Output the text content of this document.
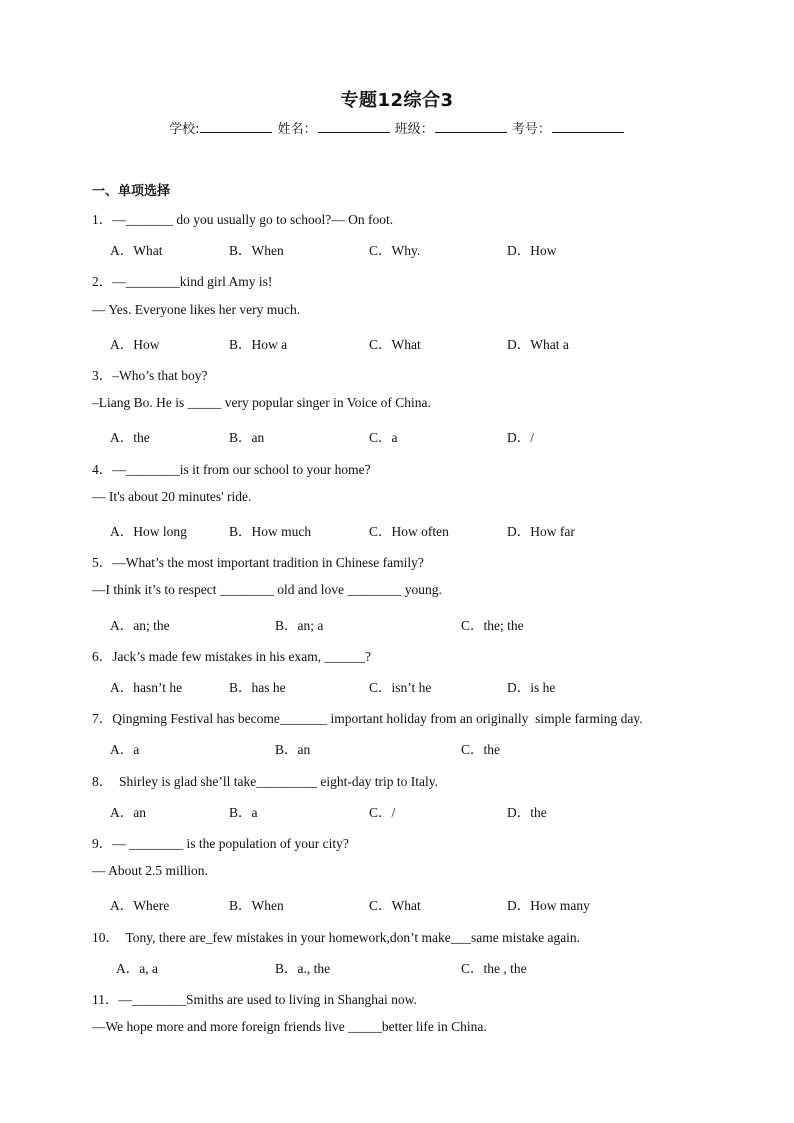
专题12综合3
学校:	姓名：	班级：	考号：
一、单项选择
1．—_______ do you usually go to school?— On foot.

A．What

	B．When

	C．Why.

	D．How

2．—________kind girl Amy is!
— Yes. Everyone likes her very much.

A．How

	B．How a

	C．What

	D．What a

3．–Who’s that boy?
–Liang Bo. He is _____ very popular singer in Voice of China.

A．the

	B．an

	C．a

	D．/

4．—________is it from our school to your home?
— It's about 20 minutes' ride.

A．How long

	B．How much

	C．How often

	D．How far

5．—What’s the most important tradition in Chinese family?
—I think it’s to respect ________ old and love ________ young.

A．an; the

	B．an; a

	C．the; the

6．Jack’s made few mistakes in his exam, ______?

A．hasn’t he

	B．has he

	C．isn’t he

	D．is he

7．Qingming Festival has become_______ important holiday from an originally  simple farming day.

A．a

	B．an

	C．the

8．  Shirley is glad she’ll take_________ eight-day trip to Italy.

A．an

	B．a

	C．/

	D．the

9．— ________ is the population of your city?
— About 2.5 million.

A．Where

	B．When

	C．What

	D．How many

10．  Tony, there are_few mistakes in your homework,don’t make___same mistake again.

A．a, a

	B．a., the

	C．the , the

11．—________Smiths are used to living in Shanghai now.
—We hope more and more foreign friends live _____better life in China.
